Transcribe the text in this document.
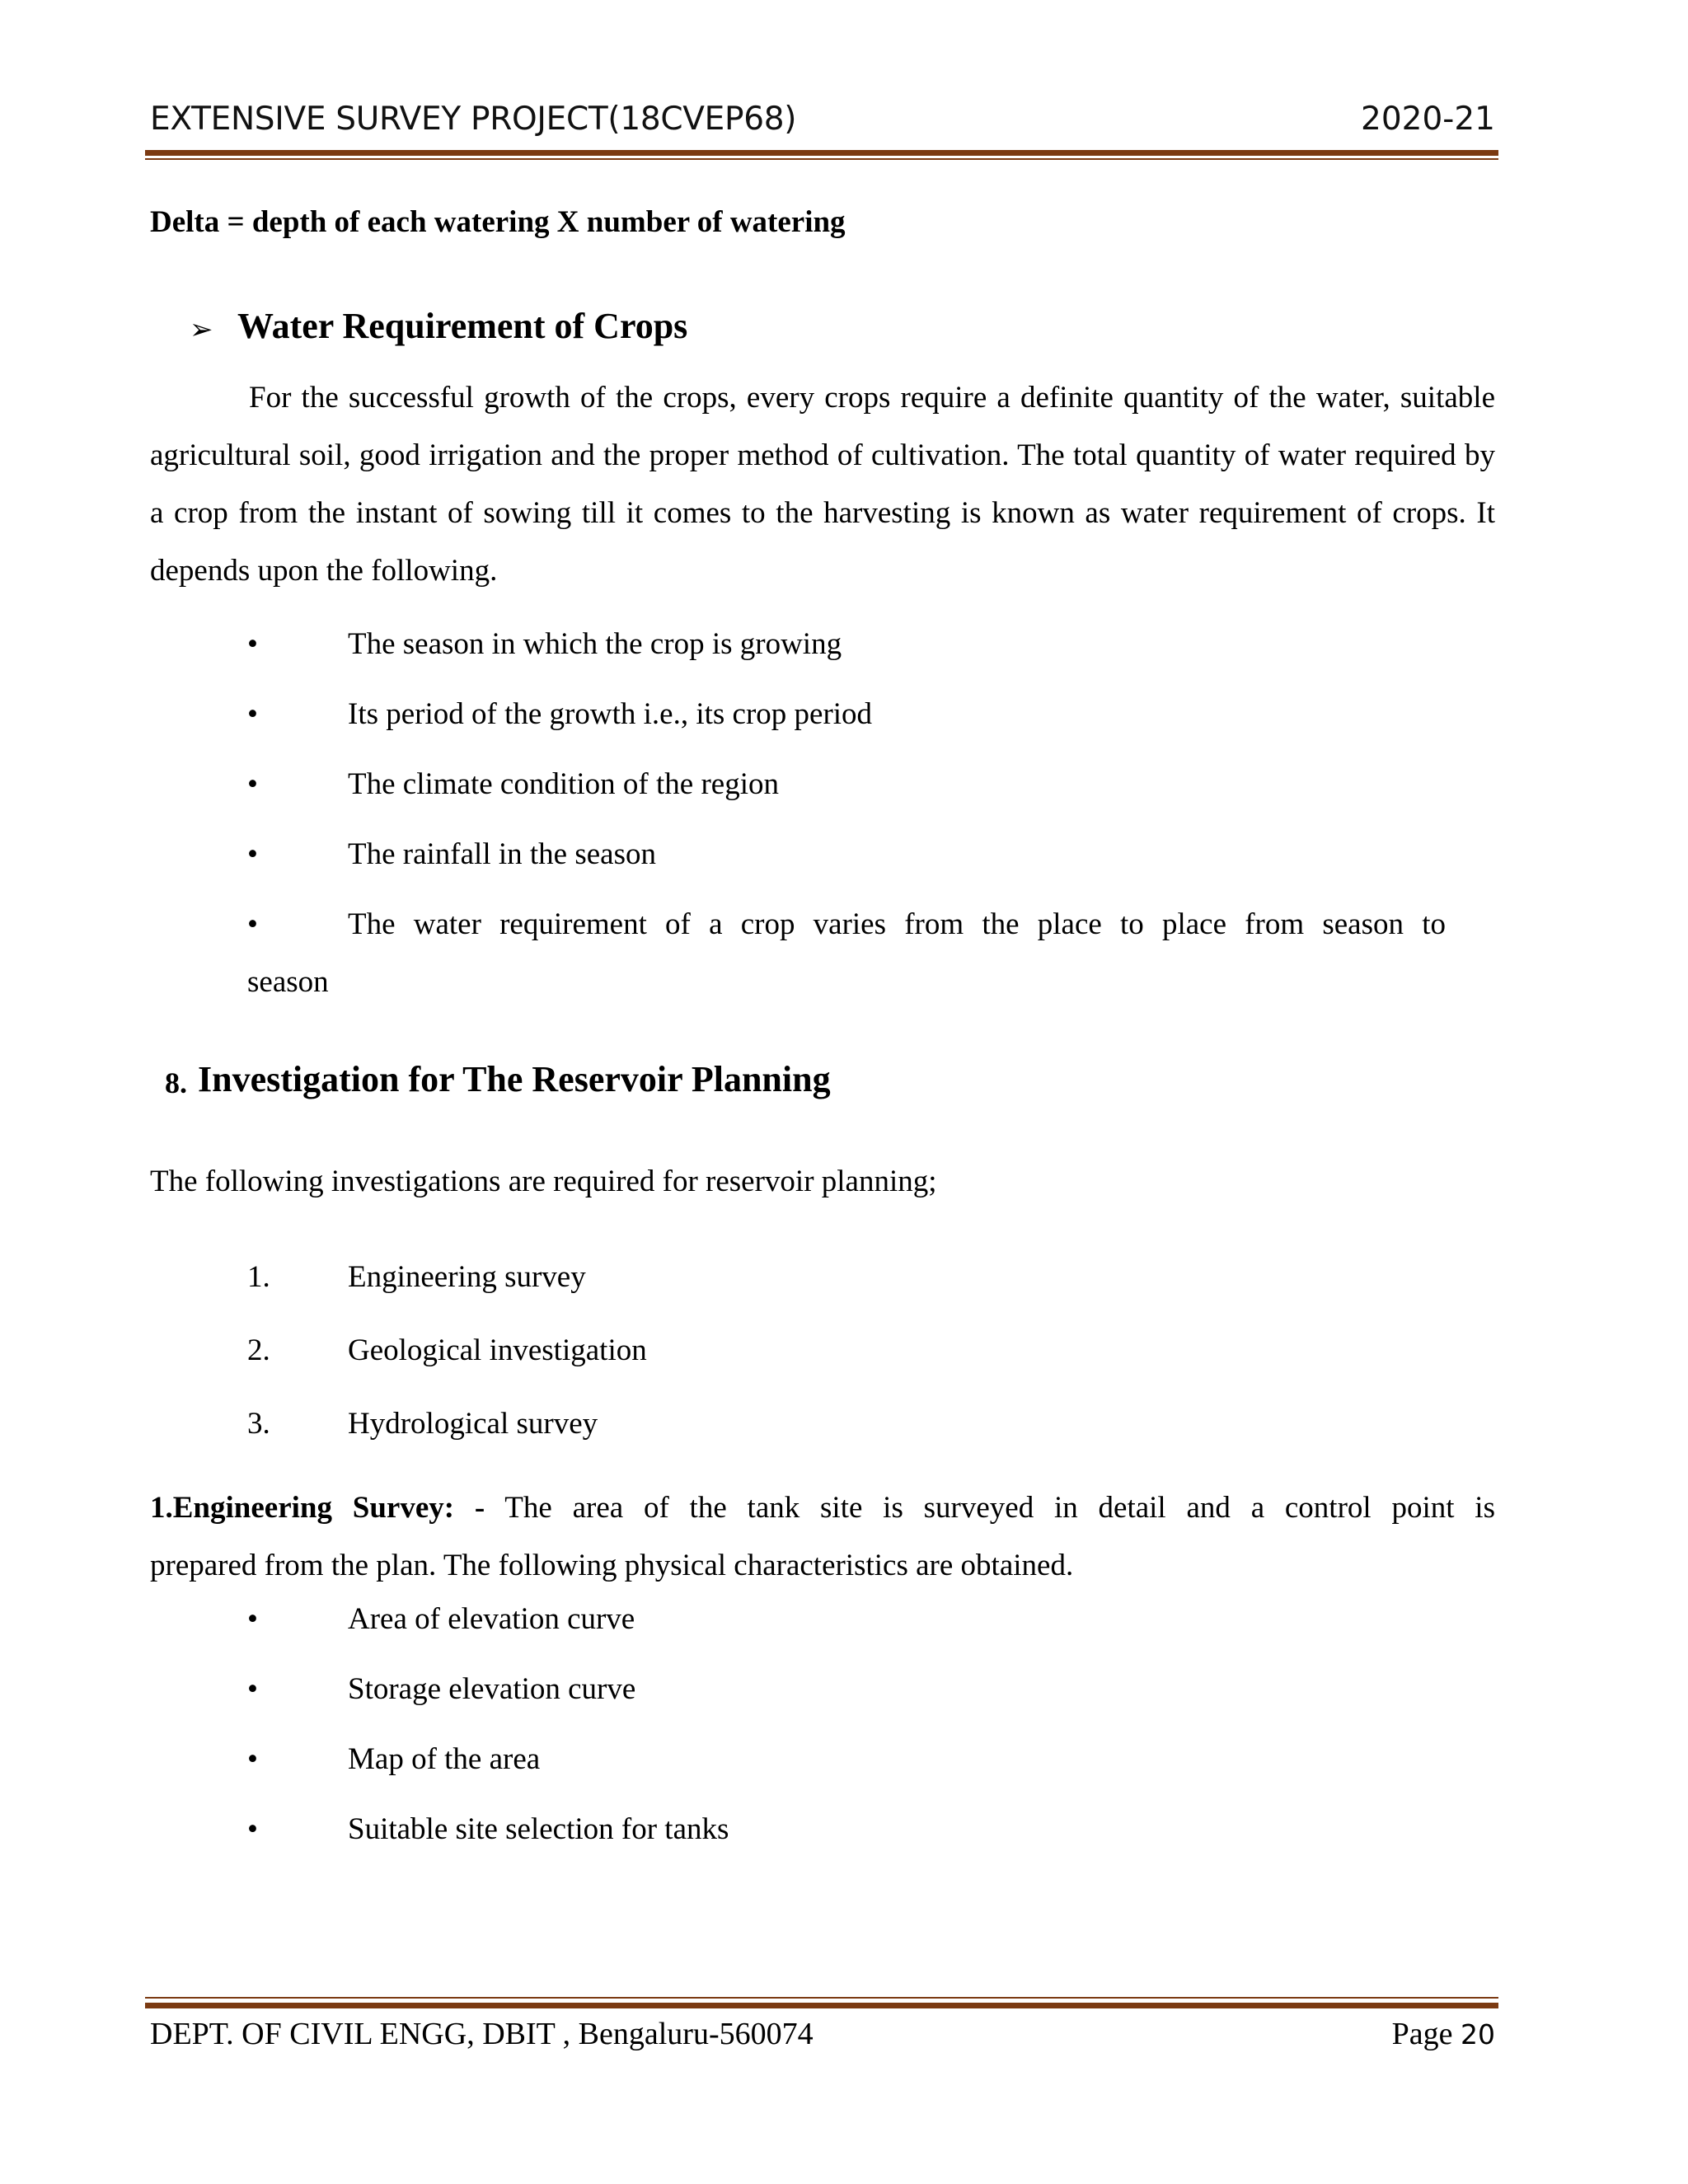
EXTENSIVE SURVEY PROJECT(18CVEP68)	2020-21
Delta = depth of each watering X number of watering
➢ Water Requirement of Crops

For the successful growth of the crops, every crops require a definite quantity of the water, suitable agricultural soil, good irrigation and the proper method of cultivation. The total quantity of water required by a crop from the instant of sowing till it comes to the harvesting is known as water requirement of crops. It depends upon the following.

•	The season in which the crop is growing
•	Its period of the growth i.e., its crop period
•	The climate condition of the region
•	The rainfall in the season
•	The water requirement of a crop varies from the place to place from season to
season
8. Investigation for The Reservoir Planning
The following investigations are required for reservoir planning;
1.	Engineering survey
2.	Geological investigation
3.	Hydrological survey
1.Engineering Survey: - The area of the tank site is surveyed in detail and a control point is
prepared from the plan. The following physical characteristics are obtained.
•	Area of elevation curve
•	Storage elevation curve
•	Map of the area
•	Suitable site selection for tanks
DEPT. OF CIVIL ENGG, DBIT , Bengaluru-560074	Page 20
